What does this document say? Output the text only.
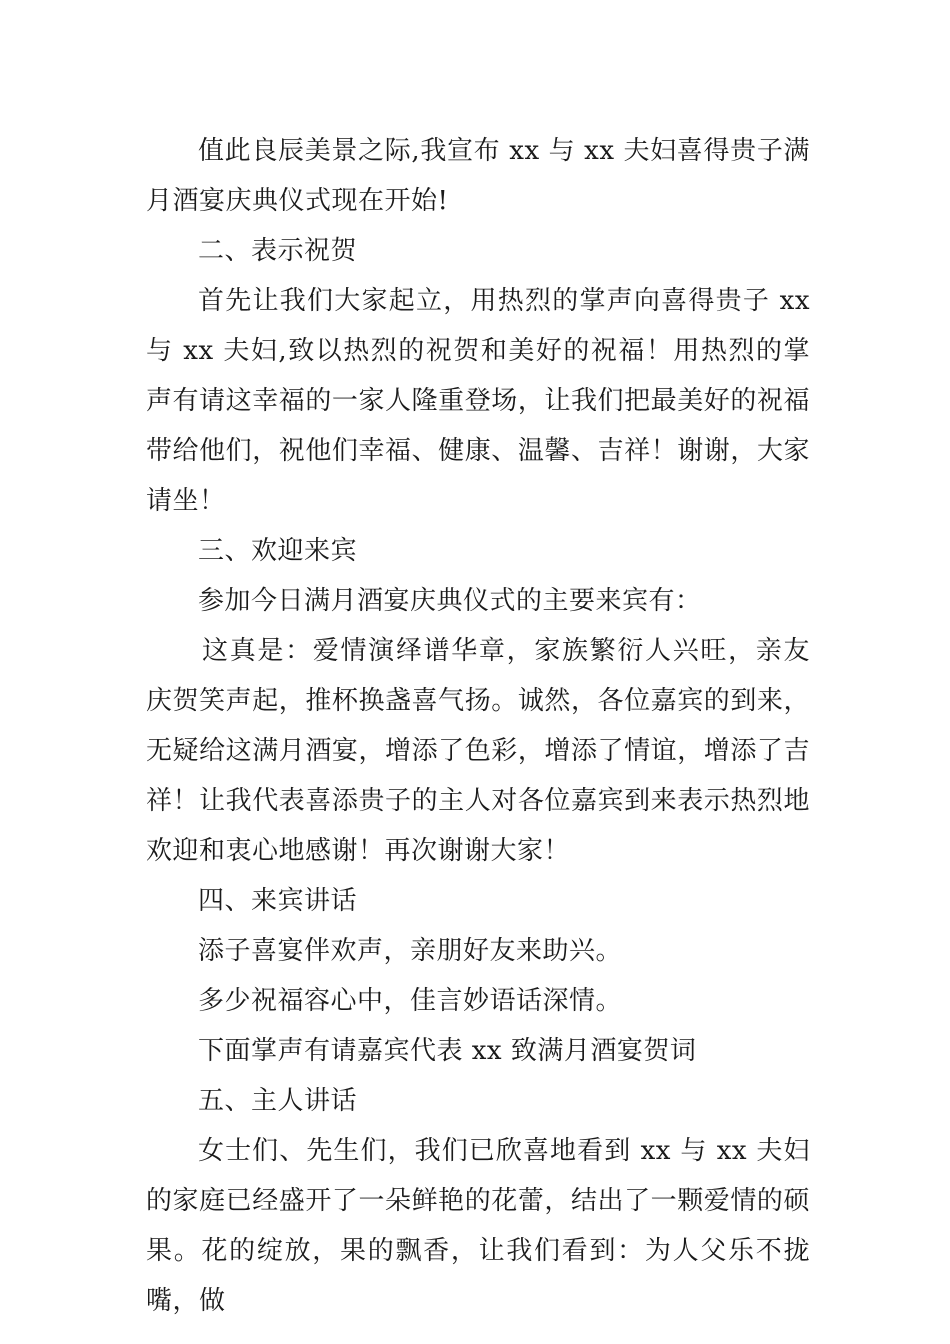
值此良辰美景之际,我宣布 xx 与 xx 夫妇喜得贵子满月酒宴庆典仪式现在开始!

二、表示祝贺

首先让我们大家起立，用热烈的掌声向喜得贵子 xx 与 xx 夫妇,致以热烈的祝贺和美好的祝福！用热烈的掌声有请这幸福的一家人隆重登场，让我们把最美好的祝福带给他们，祝他们幸福、健康、温馨、吉祥！谢谢，大家请坐！

三、欢迎来宾

参加今日满月酒宴庆典仪式的主要来宾有：

这真是：爱情演绎谱华章，家族繁衍人兴旺，亲友庆贺笑声起，推杯换盏喜气扬。诚然，各位嘉宾的到来，无疑给这满月酒宴，增添了色彩，增添了情谊，增添了吉祥！让我代表喜添贵子的主人对各位嘉宾到来表示热烈地欢迎和衷心地感谢！再次谢谢大家！

四、来宾讲话

添子喜宴伴欢声，亲朋好友来助兴。

多少祝福容心中，佳言妙语话深情。

下面掌声有请嘉宾代表 xx 致满月酒宴贺词

五、主人讲话

女士们、先生们，我们已欣喜地看到 xx 与 xx 夫妇的家庭已经盛开了一朵鲜艳的花蕾，结出了一颗爱情的硕果。花的绽放，果的飘香，让我们看到：为人父乐不拢嘴，做
